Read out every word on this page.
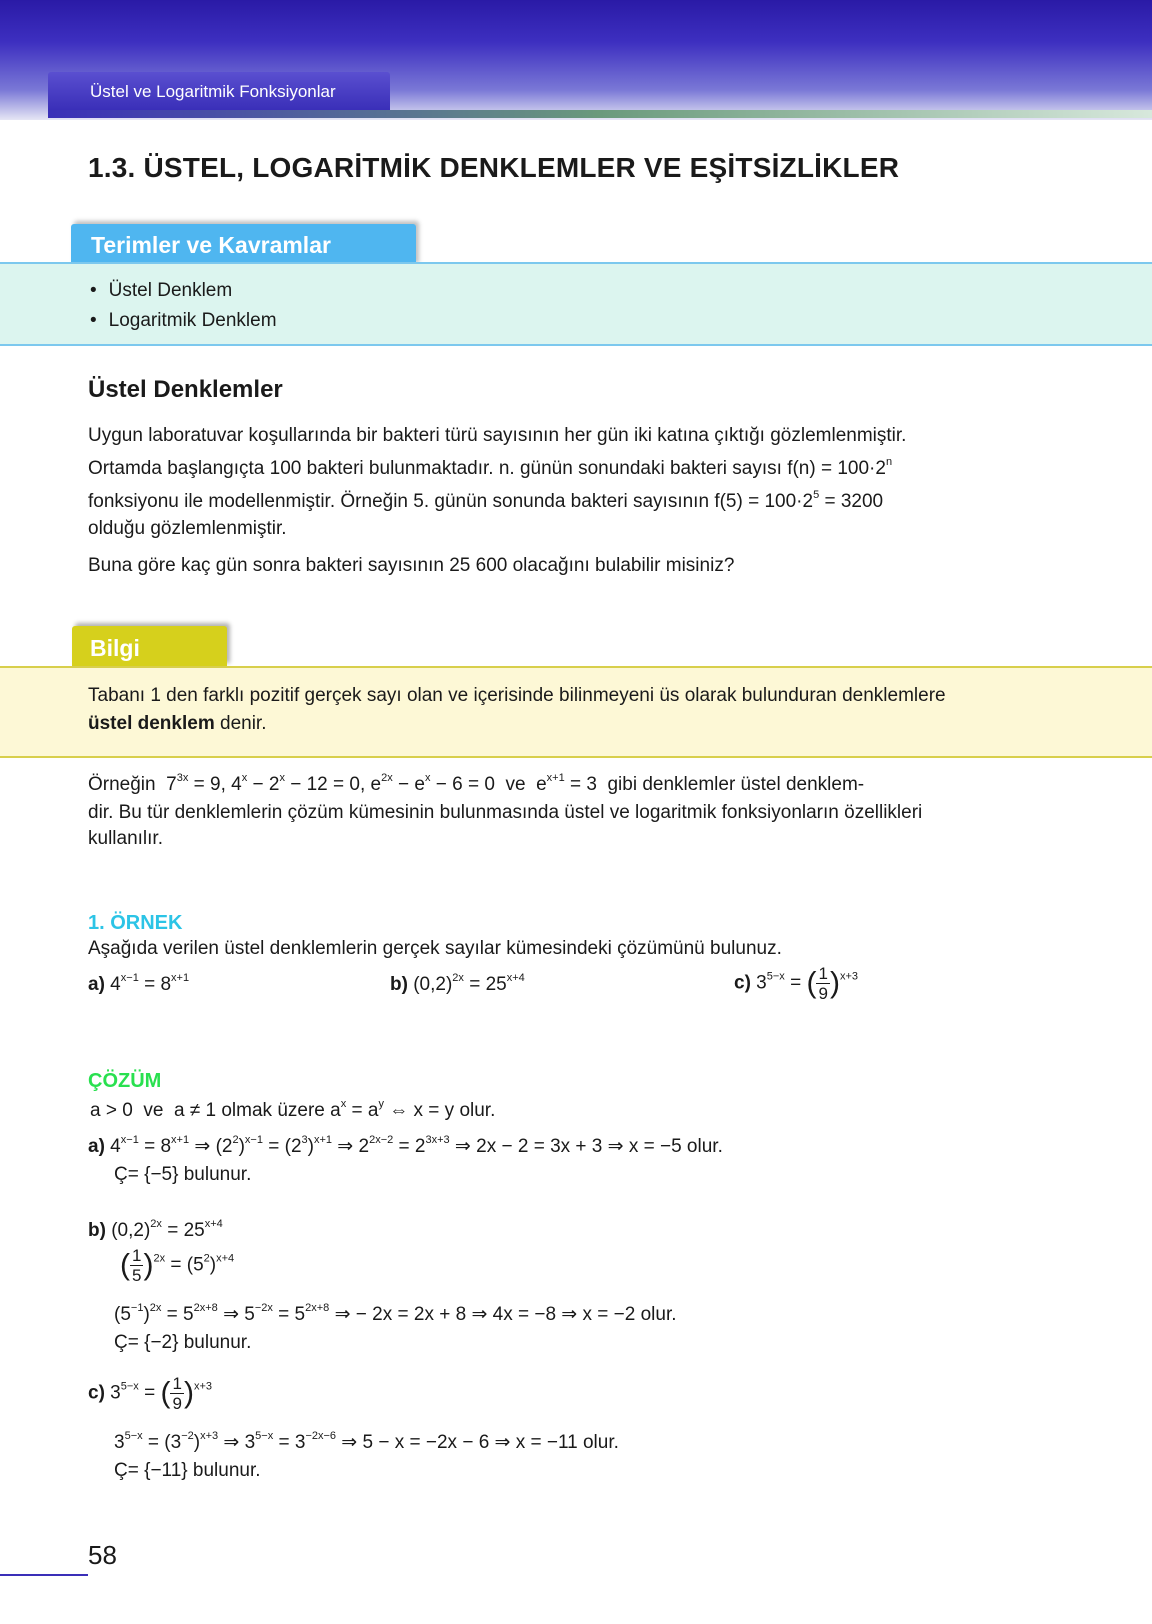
Üstel ve Logaritmik Fonksiyonlar
1.3. ÜSTEL, LOGARİTMİK DENKLEMLER VE EŞİTSİZLİKLER
Terimler ve Kavramlar
• Üstel Denklem
• Logaritmik Denklem
Üstel Denklemler

Uygun laboratuvar koşullarında bir bakteri türü sayısının her gün iki katına çıktığı gözlemlenmiştir.
Ortamda başlangıçta 100 bakteri bulunmaktadır. n. günün sonundaki bakteri sayısı $f(n) = 100\cdot 2^n$
fonksiyonu ile modellenmiştir. Örneğin 5. günün sonunda bakteri sayısının $f(5) = 100\cdot 2^5 = 3200$
olduğu gözlemlenmiştir.

Buna göre kaç gün sonra bakteri sayısının 25 600 olacağını bulabilir misiniz?

Bilgi

Tabanı 1 den farklı pozitif gerçek sayı olan ve içerisinde bilinmeyeni üs olarak bulunduran denklemlere
üstel denklem denir.

Örneğin  $7^{3x} = 9$, $4^x - 2^x - 12 = 0$, $e^{2x} - e^x - 6 = 0$  ve  $e^{x+1} = 3$  gibi denklemler üstel denklem-
dir. Bu tür denklemlerin çözüm kümesinin bulunmasında üstel ve logaritmik fonksiyonların özellikleri
kullanılır.
1. ÖRNEK
Aşağıda verilen üstel denklemlerin gerçek sayılar kümesindeki çözümünü bulunuz.
a) $4^{x-1} = 8^{x+1}$	b) $(0,2)^{2x} = 25^{x+4}$	c) $3^{5-x}$ = ( $\frac{1}{9} )^{x+3}$
ÇÖZÜM
a > 0  ve  a ≠ 1 olmak üzere $a^x = a^y$ ⇔ x = y olur.
a) $4^{x-1} = 8^{x+1}$ ⇒ $(2^2)^{x-1} = (2^3)^{x+1}$ ⇒ $2^{2x-2} = 2^{3x+3}$ ⇒ 2x − 2 = 3x + 3 ⇒ x = −5 olur.
Ç= {−5} bulunur.
b) $(0,2)^{2x} = 25^{x+4}$
( $\frac{1}{5} )^{2x} = (5^2)^{x+4}$
$(5^{-1})^{2x} = 5^{2x+8}$ ⇒ $5^{-2x} = 5^{2x+8}$ ⇒ − 2x = 2x + 8 ⇒ 4x = −8 ⇒ x = −2 olur.
Ç= {−2} bulunur.
c) $3^{5-x}$ = ( $\frac{1}{9} )^{x+3}$
$3^{5-x} = (3^{-2})^{x+3}$ ⇒ $3^{5-x} = 3^{-2x-6}$ ⇒ 5 − x = −2x − 6 ⇒ x = −11 olur.
Ç= {−11} bulunur.
58
